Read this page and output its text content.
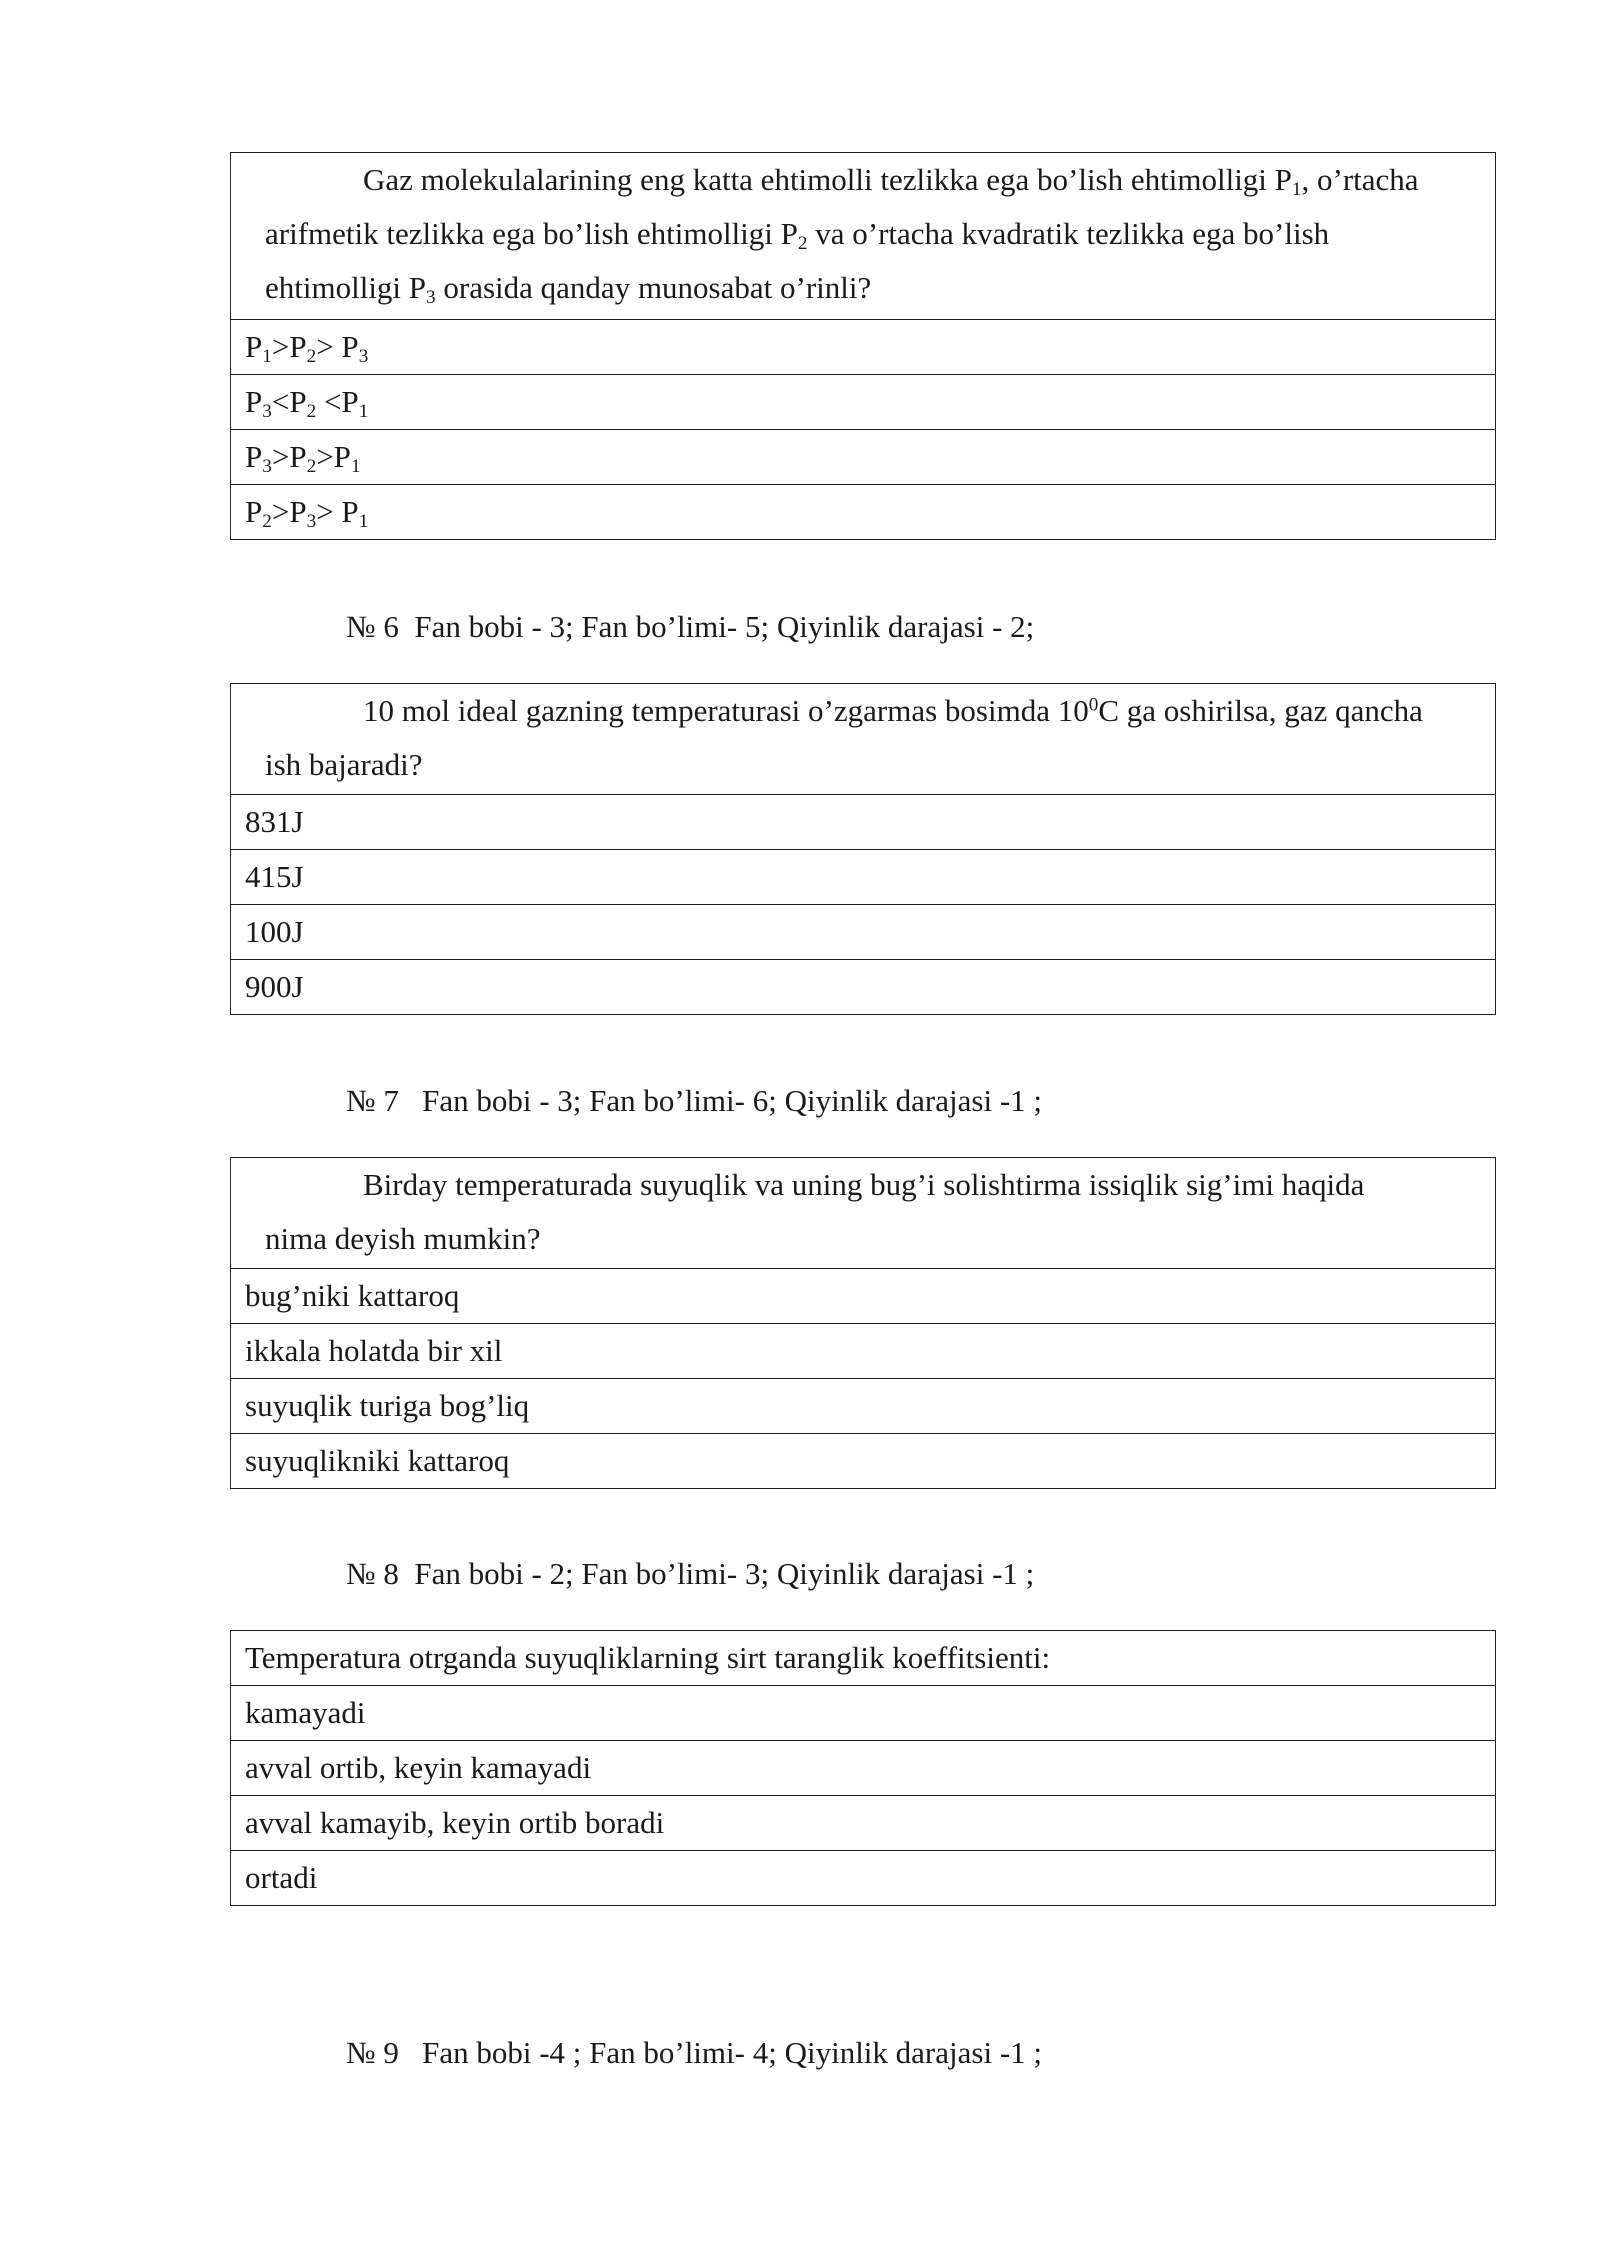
Gaz molekulalarining eng katta ehtimolli tezlikka ega bo’lish ehtimolligi $P_1$, o’rtacha
arifmetik tezlikka ega bo’lish ehtimolligi $P_2$ va o’rtacha kvadratik tezlikka ega bo’lish
ehtimolligi $P_3$ orasida qanday munosabat o’rinli?

$P_1>P_2> P_3$
$P_3<P_2 <P_1$
$P_3>P_2>P_1$
$P_2>P_3> P_1$
№ 6  Fan bobi - 3; Fan bo’limi- 5; Qiyinlik darajasi - 2;
10 mol ideal gazning temperaturasi o’zgarmas bosimda $10^0C$ ga oshirilsa, gaz qancha
ish bajaradi?

831J
415J
100J
900J
№ 7   Fan bobi - 3; Fan bo’limi- 6; Qiyinlik darajasi -1 ;
Birday temperaturada suyuqlik va uning bug’i solishtirma issiqlik sig’imi haqida
nima deyish mumkin?

bug’niki kattaroq
ikkala holatda bir xil
suyuqlik turiga bog’liq
suyuqlikniki kattaroq
№ 8  Fan bobi - 2; Fan bo’limi- 3; Qiyinlik darajasi -1 ;
Temperatura otrganda suyuqliklarning sirt taranglik koeffitsienti:
kamayadi
avval ortib, keyin kamayadi
avval kamayib, keyin ortib boradi
ortadi
№ 9   Fan bobi -4 ; Fan bo’limi- 4; Qiyinlik darajasi -1 ;
